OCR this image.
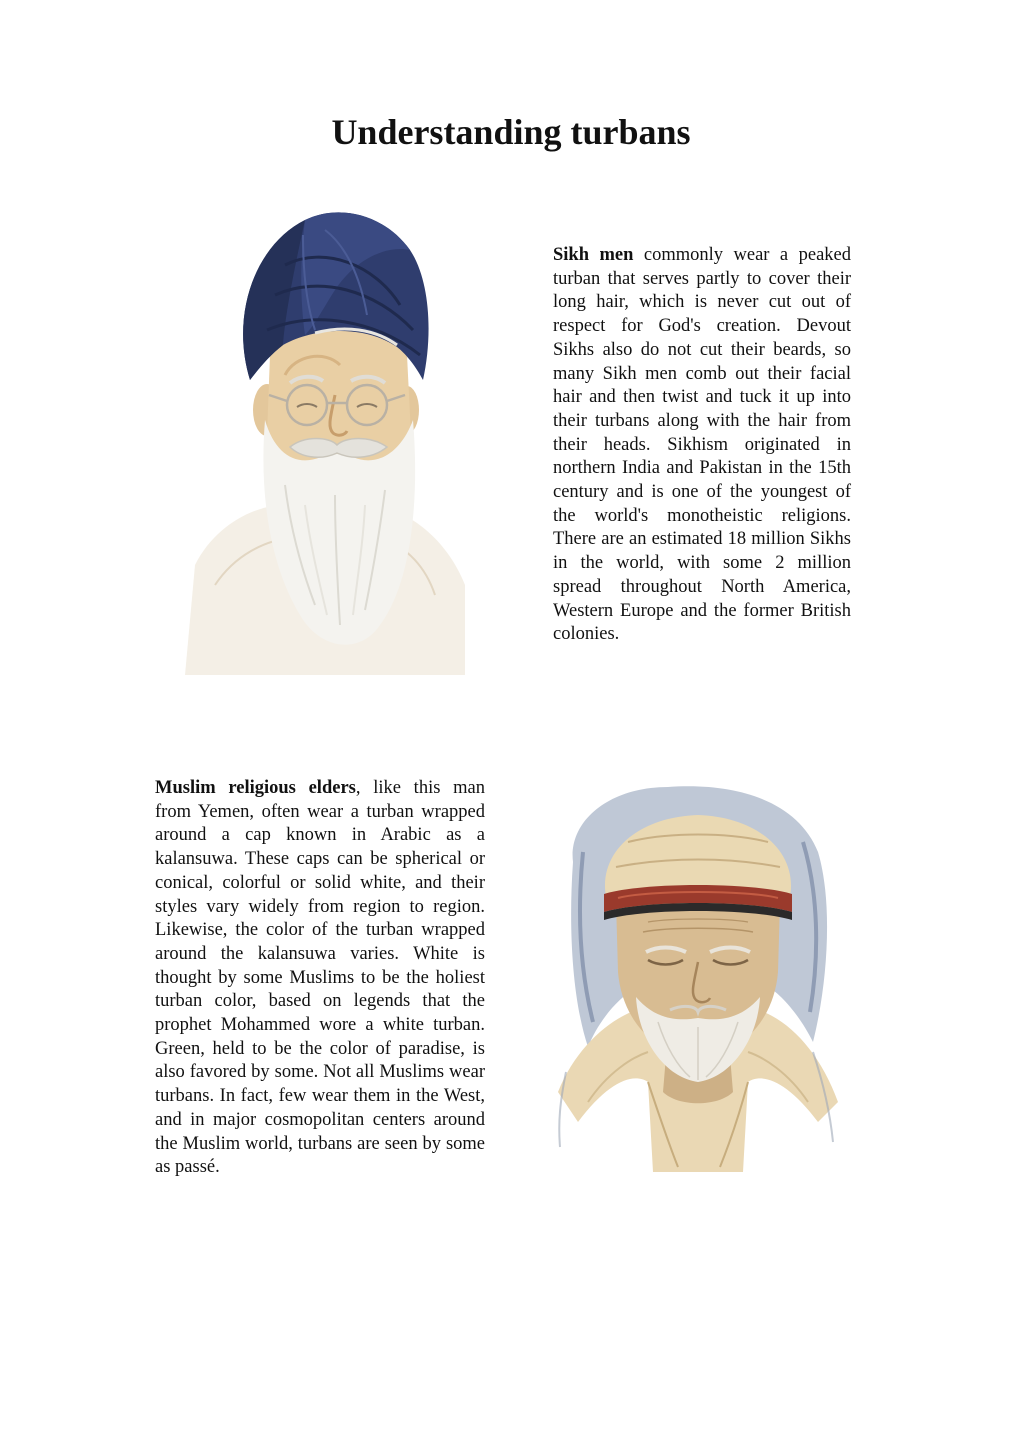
Understanding turbans

Sikh men commonly wear a peaked turban that serves partly to cover their long hair, which is never cut out of respect for God's creation. Devout Sikhs also do not cut their beards, so many Sikh men comb out their facial hair and then twist and tuck it up into their turbans along with the hair from their heads. Sikhism originated in northern India and Pakistan in the 15th century and is one of the youngest of the world's monotheistic religions. There are an estimated 18 million Sikhs in the world, with some 2 million spread throughout North America, Western Europe and the former British colonies.

Muslim religious elders, like this man from Yemen, often wear a turban wrapped around a cap known in Arabic as a kalansuwa. These caps can be spherical or conical, colorful or solid white, and their styles vary widely from region to region. Likewise, the color of the turban wrapped around the kalansuwa varies. White is thought by some Muslims to be the holiest turban color, based on legends that the prophet Mohammed wore a white turban. Green, held to be the color of paradise, is also favored by some. Not all Muslims wear turbans. In fact, few wear them in the West, and in major cosmopolitan centers around the Muslim world, turbans are seen by some as passé.
